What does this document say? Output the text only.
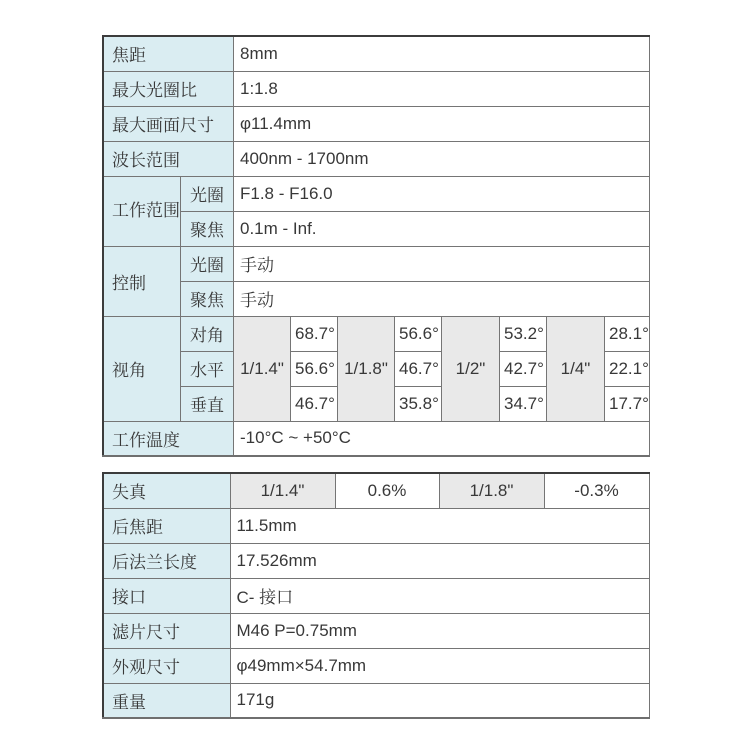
焦距		8mm							
最大光圈比		1:1.8							
最大画面尺寸		φ11.4mm							
波长范围		400nm - 1700nm							
工作范围	光圈	F1.8 - F16.0							
	聚焦	0.1m - Inf.							
控制	光圈	手动							
	聚焦	手动							
视角	对角	1/1.4"	68.7°	1/1.8"	56.6°	1/2"	53.2°	1/4"	28.1°
	水平		56.6°		46.7°		42.7°		22.1°
	垂直		46.7°		35.8°		34.7°		17.7°
工作温度		-10°C ~ +50°C							
失真	1/1.4"	0.6%	1/1.8"	-0.3%
后焦距	11.5mm			
后法兰长度	17.526mm			
接口	C- 接口			
滤片尺寸	M46 P=0.75mm			
外观尺寸	φ49mm×54.7mm			
重量	171g			
